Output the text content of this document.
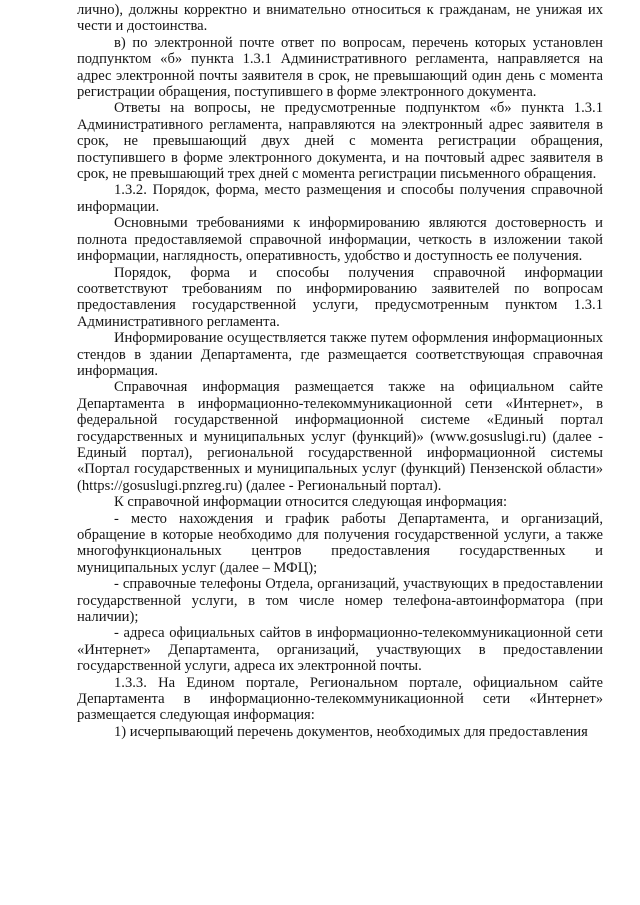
лично), должны корректно и внимательно относиться к гражданам, не унижая их чести и достоинства.

в) по электронной почте ответ по вопросам, перечень которых установлен подпунктом «б» пункта 1.3.1 Административного регламента, направляется на адрес электронной почты заявителя в срок, не превышающий один день с момента регистрации обращения, поступившего в форме электронного документа.

Ответы на вопросы, не предусмотренные подпунктом «б» пункта 1.3.1 Административного регламента, направляются на электронный адрес заявителя в срок, не превышающий двух дней с момента регистрации обращения, поступившего в форме электронного документа, и на почтовый адрес заявителя в срок, не превышающий трех дней с момента регистрации письменного обращения.

1.3.2. Порядок, форма, место размещения и способы получения справочной информации.

Основными требованиями к информированию являются достоверность и полнота предоставляемой справочной информации, четкость в изложении такой информации, наглядность, оперативность, удобство и доступность ее получения.

Порядок, форма и способы получения справочной информации соответствуют требованиям по информированию заявителей по вопросам предоставления государственной услуги, предусмотренным пунктом 1.3.1 Административного регламента.

Информирование осуществляется также путем оформления информационных стендов в здании Департамента, где размещается соответствующая справочная информация.

Справочная информация размещается также на официальном сайте Департамента в информационно-телекоммуникационной сети «Интернет», в федеральной государственной информационной системе «Единый портал государственных и муниципальных услуг (функций)» (www.gosuslugi.ru) (далее - Единый портал), региональной государственной информационной системы «Портал государственных и муниципальных услуг (функций) Пензенской области» (https://gosuslugi.pnzreg.ru) (далее - Региональный портал).

К справочной информации относится следующая информация:

- место нахождения и график работы Департамента, и организаций, обращение в которые необходимо для получения государственной услуги, а также многофункциональных центров предоставления государственных и муниципальных услуг (далее – МФЦ);

- справочные телефоны Отдела, организаций, участвующих в предоставлении государственной услуги, в том числе номер телефона-автоинформатора (при наличии);

- адреса официальных сайтов в информационно-телекоммуникационной сети «Интернет» Департамента, организаций, участвующих в предоставлении государственной услуги, адреса их электронной почты.

1.3.3. На Едином портале, Региональном портале, официальном сайте Департамента в информационно-телекоммуникационной сети «Интернет» размещается следующая информация:

1) исчерпывающий перечень документов, необходимых для предоставления
